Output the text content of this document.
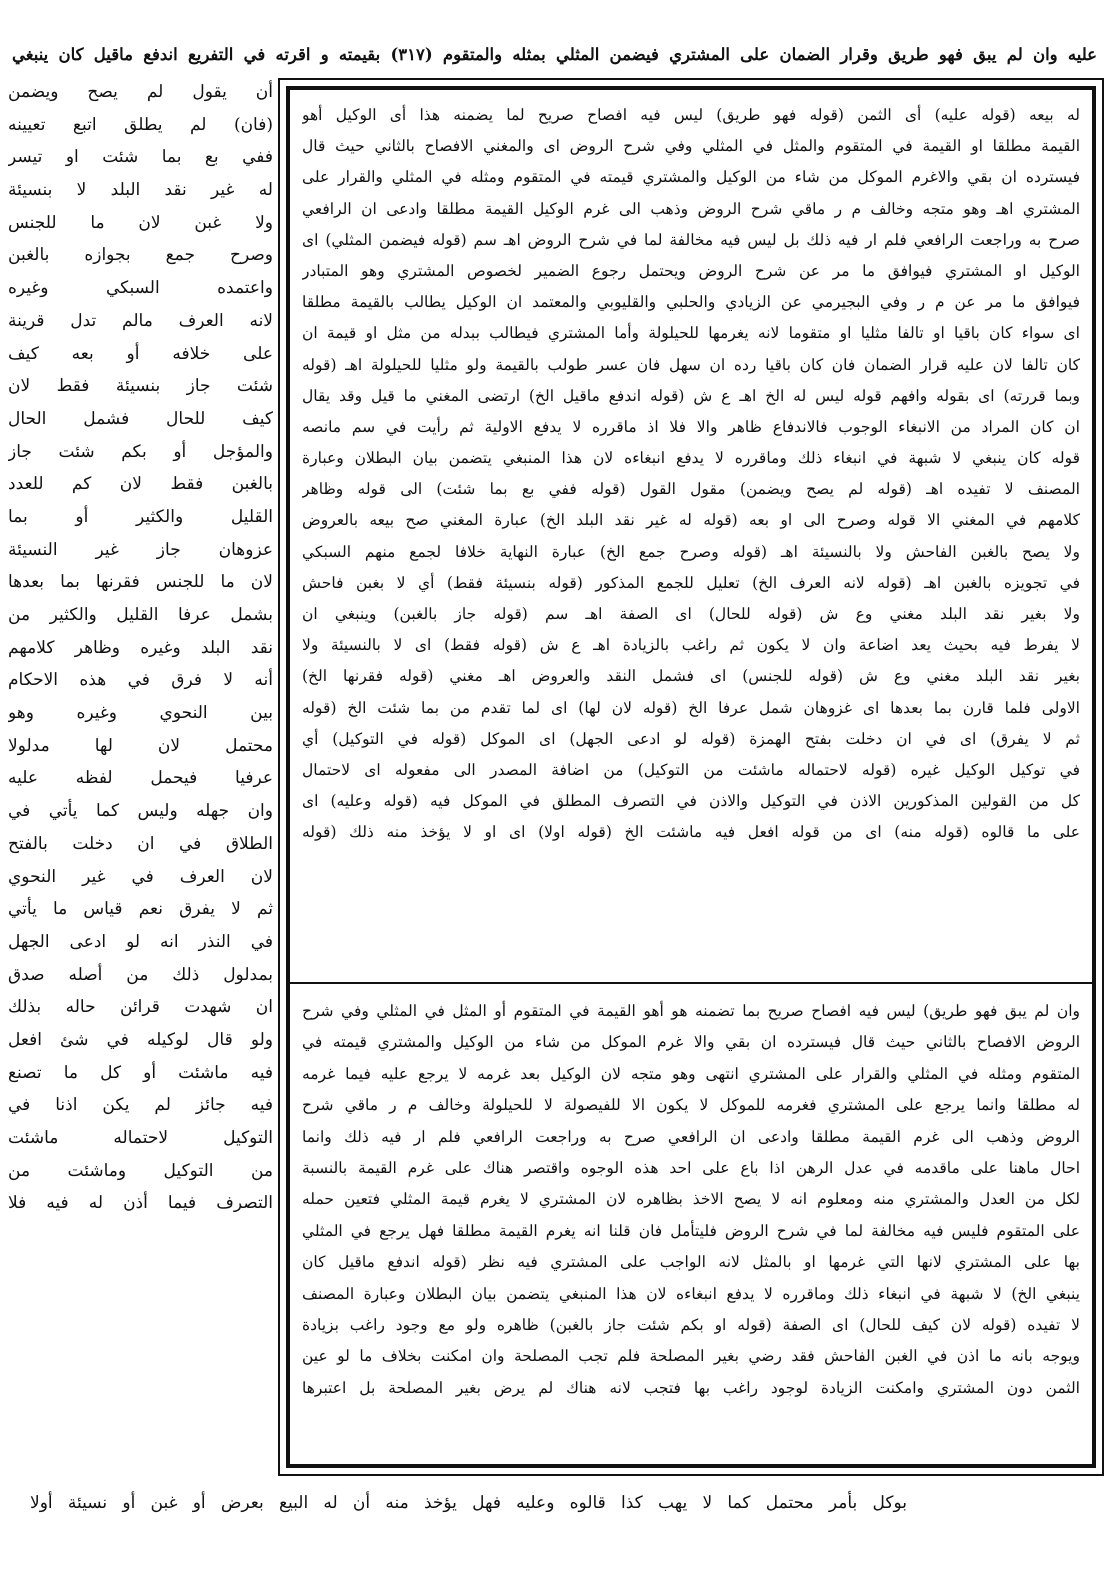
عليه وان لم يبق فهو طريق وقرار الضمان على المشتري فيضمن المثلي بمثله والمتقوم (٣١٧) بقيمته و اقرته في التفريع اندفع ماقيل كان ينبغي
أن يقول لم يصح ويضمن
(فان) لم يطلق اتبع تعيينه
ففي بع بما شئت او تيسر
له غير نقد البلد لا بنسيئة
ولا غبن لان ما للجنس
وصرح جمع بجوازه بالغبن
واعتمده السبكي وغيره
لانه العرف مالم تدل قرينة
على خلافه أو بعه كيف
شئت جاز بنسيئة فقط لان
كيف للحال فشمل الحال
والمؤجل أو بكم شئت جاز
بالغبن فقط لان كم للعدد
القليل والكثير أو بما
عزوهان جاز غير النسيئة
لان ما للجنس فقرنها بما بعدها
بشمل عرفا القليل والكثير من
نقد البلد وغيره وظاهر كلامهم
أنه لا فرق في هذه الاحكام
بين النحوي وغيره وهو
محتمل لان لها مدلولا
عرفيا فيحمل لفظه عليه
وان جهله وليس كما يأتي في
الطلاق في ان دخلت بالفتح
لان العرف في غير النحوي
ثم لا يفرق نعم قياس ما يأتي
في النذر انه لو ادعى الجهل
بمدلول ذلك من أصله صدق
ان شهدت قرائن حاله بذلك
ولو قال لوكيله في شئ افعل
فيه ماشئت أو كل ما تصنع
فيه جائز لم يكن اذنا في
التوكيل لاحتماله ماشئت
من التوكيل وماشئت من
التصرف فيما أذن له فيه فلا
له بيعه (قوله عليه) أى الثمن (قوله فهو طريق) ليس فيه افصاح صريح لما يضمنه هذا أى الوكيل أهو
القيمة مطلقا او القيمة في المتقوم والمثل في المثلي وفي شرح الروض اى والمغني الافصاح بالثاني حيث قال
فيسترده ان بقي والاغرم الموكل من شاء من الوكيل والمشتري قيمته في المتقوم ومثله في المثلي والقرار على
المشتري اهـ وهو متجه وخالف م ر ماقي شرح الروض وذهب الى غرم الوكيل القيمة مطلقا وادعى ان الرافعي
صرح به وراجعت الرافعي فلم ار فيه ذلك بل ليس فيه مخالفة لما في شرح الروض اهـ سم (قوله فيضمن المثلي) اى
الوكيل او المشتري فيوافق ما مر عن شرح الروض ويحتمل رجوع الضمير لخصوص المشتري وهو المتبادر
فيوافق ما مر عن م ر وفي البجيرمي عن الزيادي والحلبي والقليوبي والمعتمد ان الوكيل يطالب بالقيمة مطلقا
اى سواء كان باقيا او تالفا مثليا او متقوما لانه يغرمها للحيلولة وأما المشتري فيطالب ببدله من مثل او قيمة ان
كان تالفا لان عليه قرار الضمان فان كان باقيا رده ان سهل فان عسر طولب بالقيمة ولو مثليا للحيلولة اهـ (قوله
وبما قررته) اى بقوله وافهم قوله ليس له الخ اهـ ع ش (قوله اندفع ماقيل الخ) ارتضى المغني ما قيل وقد يقال
ان كان المراد من الانبغاء الوجوب فالاندفاع ظاهر والا فلا اذ ماقرره لا يدفع الاولية ثم رأيت في سم مانصه
قوله كان ينبغي لا شبهة في انبغاء ذلك وماقرره لا يدفع انبغاءه لان هذا المنبغي يتضمن بيان البطلان وعبارة
المصنف لا تفيده اهـ (قوله لم يصح ويضمن) مقول القول (قوله ففي بع بما شئت) الى قوله وظاهر
كلامهم في المغني الا قوله وصرح الى او بعه (قوله له غير نقد البلد الخ) عبارة المغني صح بيعه بالعروض
ولا يصح بالغبن الفاحش ولا بالنسيئة اهـ (قوله وصرح جمع الخ) عبارة النهاية خلافا لجمع منهم السبكي
في تجويزه بالغبن اهـ (قوله لانه العرف الخ) تعليل للجمع المذكور (قوله بنسيئة فقط) أي لا بغبن فاحش
ولا بغير نقد البلد مغني وع ش (قوله للحال) اى الصفة اهـ سم (قوله جاز بالغبن) وينبغي ان
لا يفرط فيه بحيث يعد اضاعة وان لا يكون ثم راغب بالزيادة اهـ ع ش (قوله فقط) اى لا بالنسيئة ولا
بغير نقد البلد مغني وع ش (قوله للجنس) اى فشمل النقد والعروض اهـ مغني (قوله فقرنها الخ)
الاولى فلما قارن بما بعدها اى غزوهان شمل عرفا الخ (قوله لان لها) اى لما تقدم من بما شئت الخ (قوله
ثم لا يفرق) اى في ان دخلت بفتح الهمزة (قوله لو ادعى الجهل) اى الموكل (قوله في التوكيل) أي
في توكيل الوكيل غيره (قوله لاحتماله ماشئت من التوكيل) من اضافة المصدر الى مفعوله اى لاحتمال
كل من القولين المذكورين الاذن في التوكيل والاذن في التصرف المطلق في الموكل فيه (قوله وعليه) اى
على ما قالوه (قوله منه) اى من قوله افعل فيه ماشئت الخ (قوله اولا) اى او لا يؤخذ منه ذلك (قوله
وان لم يبق فهو طريق) ليس فيه افصاح صريح بما تضمنه هو أهو القيمة في المتقوم أو المثل في المثلي وفي شرح
الروض الافصاح بالثاني حيث قال فيسترده ان بقي والا غرم الموكل من شاء من الوكيل والمشتري قيمته في
المتقوم ومثله في المثلي والقرار على المشتري انتهى وهو متجه لان الوكيل بعد غرمه لا يرجع عليه فيما غرمه
له مطلقا وانما يرجع على المشتري فغرمه للموكل لا يكون الا للفيصولة لا للحيلولة وخالف م ر ماقي شرح
الروض وذهب الى غرم القيمة مطلقا وادعى ان الرافعي صرح به وراجعت الرافعي فلم ار فيه ذلك وانما
احال ماهنا على ماقدمه في عدل الرهن اذا باع على احد هذه الوجوه واقتصر هناك على غرم القيمة بالنسبة
لكل من العدل والمشتري منه ومعلوم انه لا يصح الاخذ بظاهره لان المشتري لا يغرم قيمة المثلي فتعين حمله
على المتقوم فليس فيه مخالفة لما في شرح الروض فليتأمل فان قلنا انه يغرم القيمة مطلقا فهل يرجع في المثلي
بها على المشتري لانها التي غرمها او بالمثل لانه الواجب على المشتري فيه نظر (قوله اندفع ماقيل كان
ينبغي الخ) لا شبهة في انبغاء ذلك وماقرره لا يدفع انبغاءه لان هذا المنبغي يتضمن بيان البطلان وعبارة المصنف
لا تفيده (قوله لان كيف للحال) اى الصفة (قوله او بكم شئت جاز بالغبن) ظاهره ولو مع وجود راغب بزيادة
ويوجه بانه ما اذن في الغبن الفاحش فقد رضي بغير المصلحة فلم تجب المصلحة وان امكنت بخلاف ما لو عين
الثمن دون المشتري وامكنت الزيادة لوجود راغب بها فتجب لانه هناك لم يرض بغير المصلحة بل اعتبرها
بوكل بأمر محتمل كما لا يهب كذا قالوه وعليه فهل يؤخذ منه أن له البيع بعرض أو غبن أو نسيئة أولا
